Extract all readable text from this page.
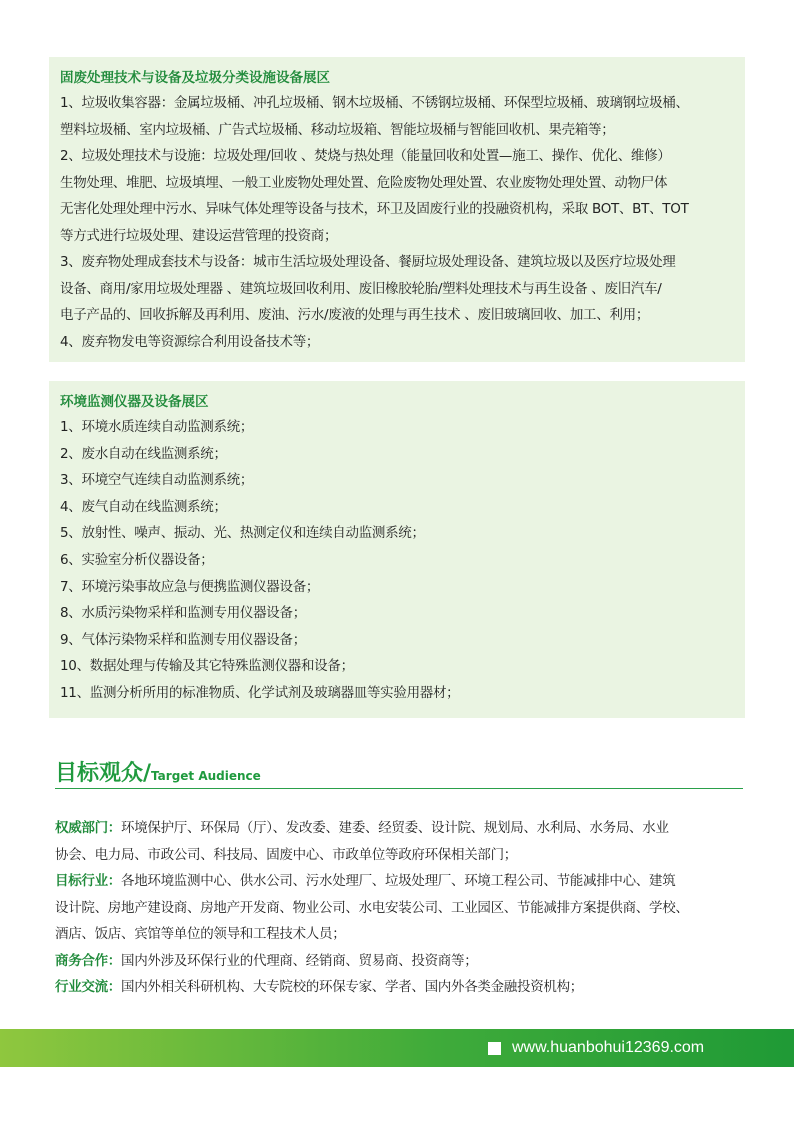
固废处理技术与设备及垃圾分类设施设备展区

1、垃圾收集容器：金属垃圾桶、冲孔垃圾桶、钢木垃圾桶、不锈钢垃圾桶、环保型垃圾桶、玻璃钢垃圾桶、

塑料垃圾桶、室内垃圾桶、广告式垃圾桶、移动垃圾箱、智能垃圾桶与智能回收机、果壳箱等；

2、垃圾处理技术与设施：垃圾处理/回收 、焚烧与热处理（能量回收和处置—施工、操作、优化、维修）

生物处理、堆肥、垃圾填埋、一般工业废物处理处置、危险废物处理处置、农业废物处理处置、动物尸体

无害化处理处理中污水、异味气体处理等设备与技术，环卫及固废行业的投融资机构，采取 BOT、BT、TOT

等方式进行垃圾处理、建设运营管理的投资商；

3、废弃物处理成套技术与设备：城市生活垃圾处理设备、餐厨垃圾处理设备、建筑垃圾以及医疗垃圾处理

设备、商用/家用垃圾处理器 、建筑垃圾回收利用、废旧橡胶轮胎/塑料处理技术与再生设备 、废旧汽车/

电子产品的、回收拆解及再利用、废油、污水/废液的处理与再生技术 、废旧玻璃回收、加工、利用；

4、废弃物发电等资源综合利用设备技术等；

环境监测仪器及设备展区

1、环境水质连续自动监测系统；

2、废水自动在线监测系统；

3、环境空气连续自动监测系统；

4、废气自动在线监测系统；

5、放射性、噪声、振动、光、热测定仪和连续自动监测系统；

6、实验室分析仪器设备；

7、环境污染事故应急与便携监测仪器设备；

8、水质污染物采样和监测专用仪器设备；

9、气体污染物采样和监测专用仪器设备；

10、数据处理与传输及其它特殊监测仪器和设备；

11、监测分析所用的标准物质、化学试剂及玻璃器皿等实验用器材；

目标观众/Target Audience

权威部门：环境保护厅、环保局（厅）、发改委、建委、经贸委、设计院、规划局、水利局、水务局、水业

协会、电力局、市政公司、科技局、固废中心、市政单位等政府环保相关部门；

目标行业：各地环境监测中心、供水公司、污水处理厂、垃圾处理厂、环境工程公司、节能减排中心、建筑

设计院、房地产建设商、房地产开发商、物业公司、水电安装公司、工业园区、节能减排方案提供商、学校、

酒店、饭店、宾馆等单位的领导和工程技术人员；

商务合作：国内外涉及环保行业的代理商、经销商、贸易商、投资商等；

行业交流：国内外相关科研机构、大专院校的环保专家、学者、国内外各类金融投资机构；

www.huanbohui12369.com
